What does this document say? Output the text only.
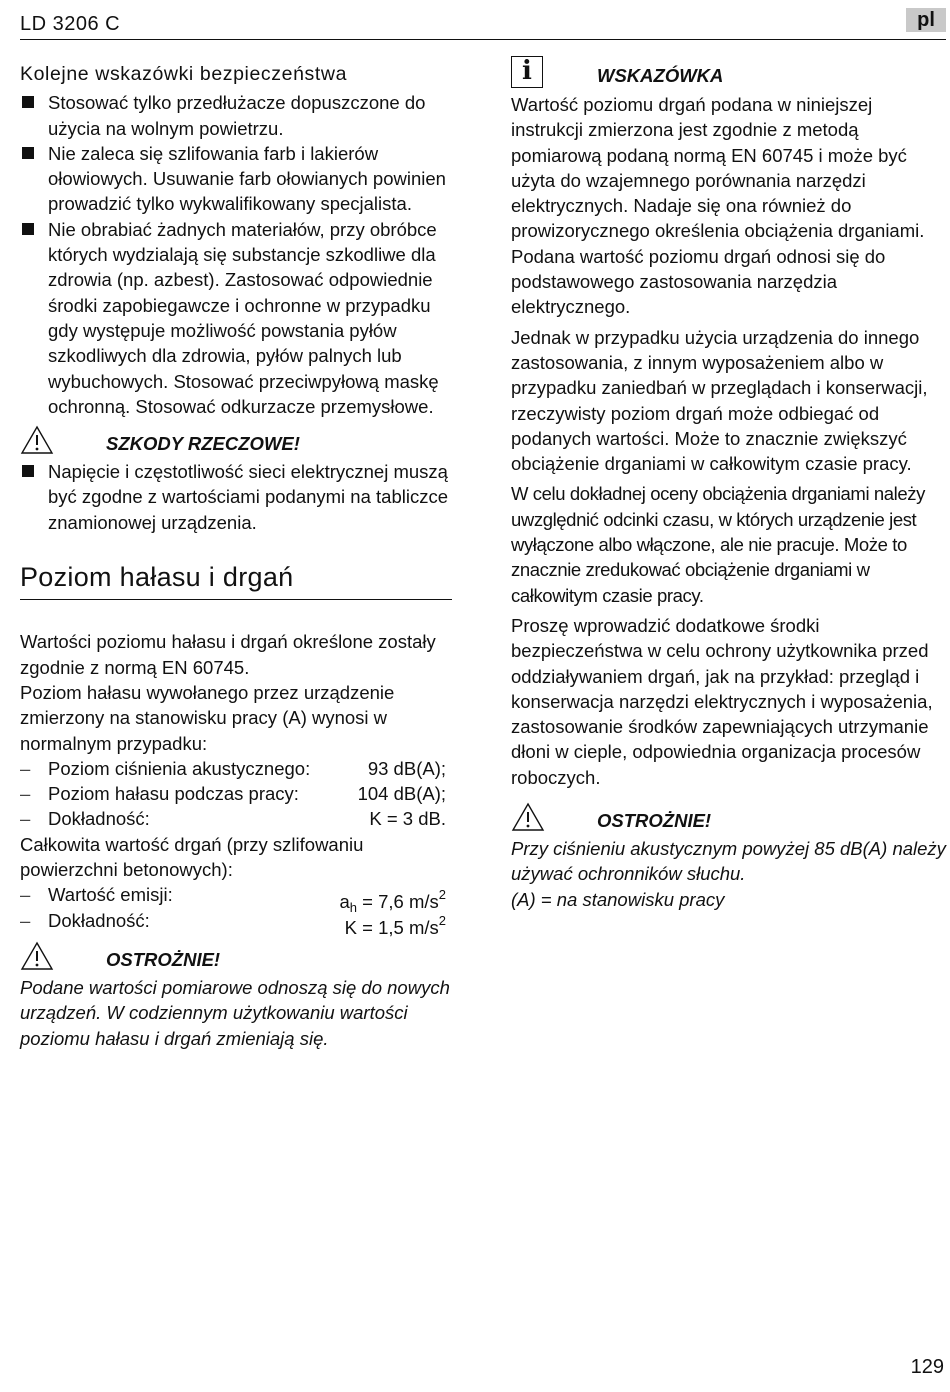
LD 3206 C	pl
Kolejne wskazówki bezpieczeństwa
Stosować tylko przedłużacze dopuszczone do użycia na wolnym powietrzu.
Nie zaleca się szlifowania farb i lakierów ołowiowych. Usuwanie farb ołowianych powinien prowadzić tylko wykwalifikowany specjalista.
Nie obrabiać żadnych materiałów, przy obróbce których wydzialają się substancje szkodliwe dla zdrowia (np. azbest). Zastosować odpowiednie środki zapobiegawcze i ochronne w przypadku gdy występuje możliwość powstania pyłów szkodliwych dla zdrowia, pyłów palnych lub wybuchowych. Stosować przeciwpyłową maskę ochronną. Stosować odkurzacze przemysłowe.
SZKODY RZECZOWE!
Napięcie i częstotliwość sieci elektrycznej muszą być zgodne z wartościami podanymi na tabliczce znamionowej urządzenia.
Poziom hałasu i drgań
Wartości poziomu hałasu i drgań określone zostały zgodnie z normą EN 60745.
Poziom hałasu wywołanego przez urządzenie zmierzony na stanowisku pracy (A) wynosi w normalnym przypadku:
– Poziom ciśnienia akustycznego:	93 dB(A);
– Poziom hałasu podczas pracy:	104 dB(A);
– Dokładność:	K = 3 dB.
Całkowita wartość drgań (przy szlifowaniu powierzchni betonowych):
– Wartość emisji:	$a_h = 7,6$ $m/s^2$
– Dokładność:	K = 1,5 $m/s^2$
OSTROŻNIE!
Podane wartości pomiarowe odnoszą się do nowych urządzeń. W codziennym użytkowaniu wartości poziomu hałasu i drgań zmieniają się.
i	WSKAZÓWKA
Wartość poziomu drgań podana w niniejszej instrukcji zmierzona jest zgodnie z metodą pomiarową podaną normą EN 60745 i może być użyta do wzajemnego porównania narzędzi elektrycznych. Nadaje się ona również do prowizorycznego określenia obciążenia drganiami. Podana wartość poziomu drgań odnosi się do podstawowego zastosowania narzędzia elektrycznego.
Jednak w przypadku użycia urządzenia do innego zastosowania, z innym wyposażeniem albo w przypadku zaniedbań w przeglądach i konserwacji, rzeczywisty poziom drgań może odbiegać od podanych wartości. Może to znacznie zwiększyć obciążenie drganiami w całkowitym czasie pracy.
W celu dokładnej oceny obciążenia drganiami należy uwzględnić odcinki czasu, w których urządzenie jest wyłączone albo włączone, ale nie pracuje. Może to znacznie zredukować obciążenie drganiami w całkowitym czasie pracy.
Proszę wprowadzić dodatkowe środki bezpieczeństwa w celu ochrony użytkownika przed oddziaływaniem drgań, jak na przykład: przegląd i konserwacja narzędzi elektrycznych i wyposażenia, zastosowanie środków zapewniających utrzymanie dłoni w cieple, odpowiednia organizacja procesów roboczych.
OSTROŻNIE!
Przy ciśnieniu akustycznym powyżej 85 dB(A) należy używać ochronników słuchu.
(A) = na stanowisku pracy
129
